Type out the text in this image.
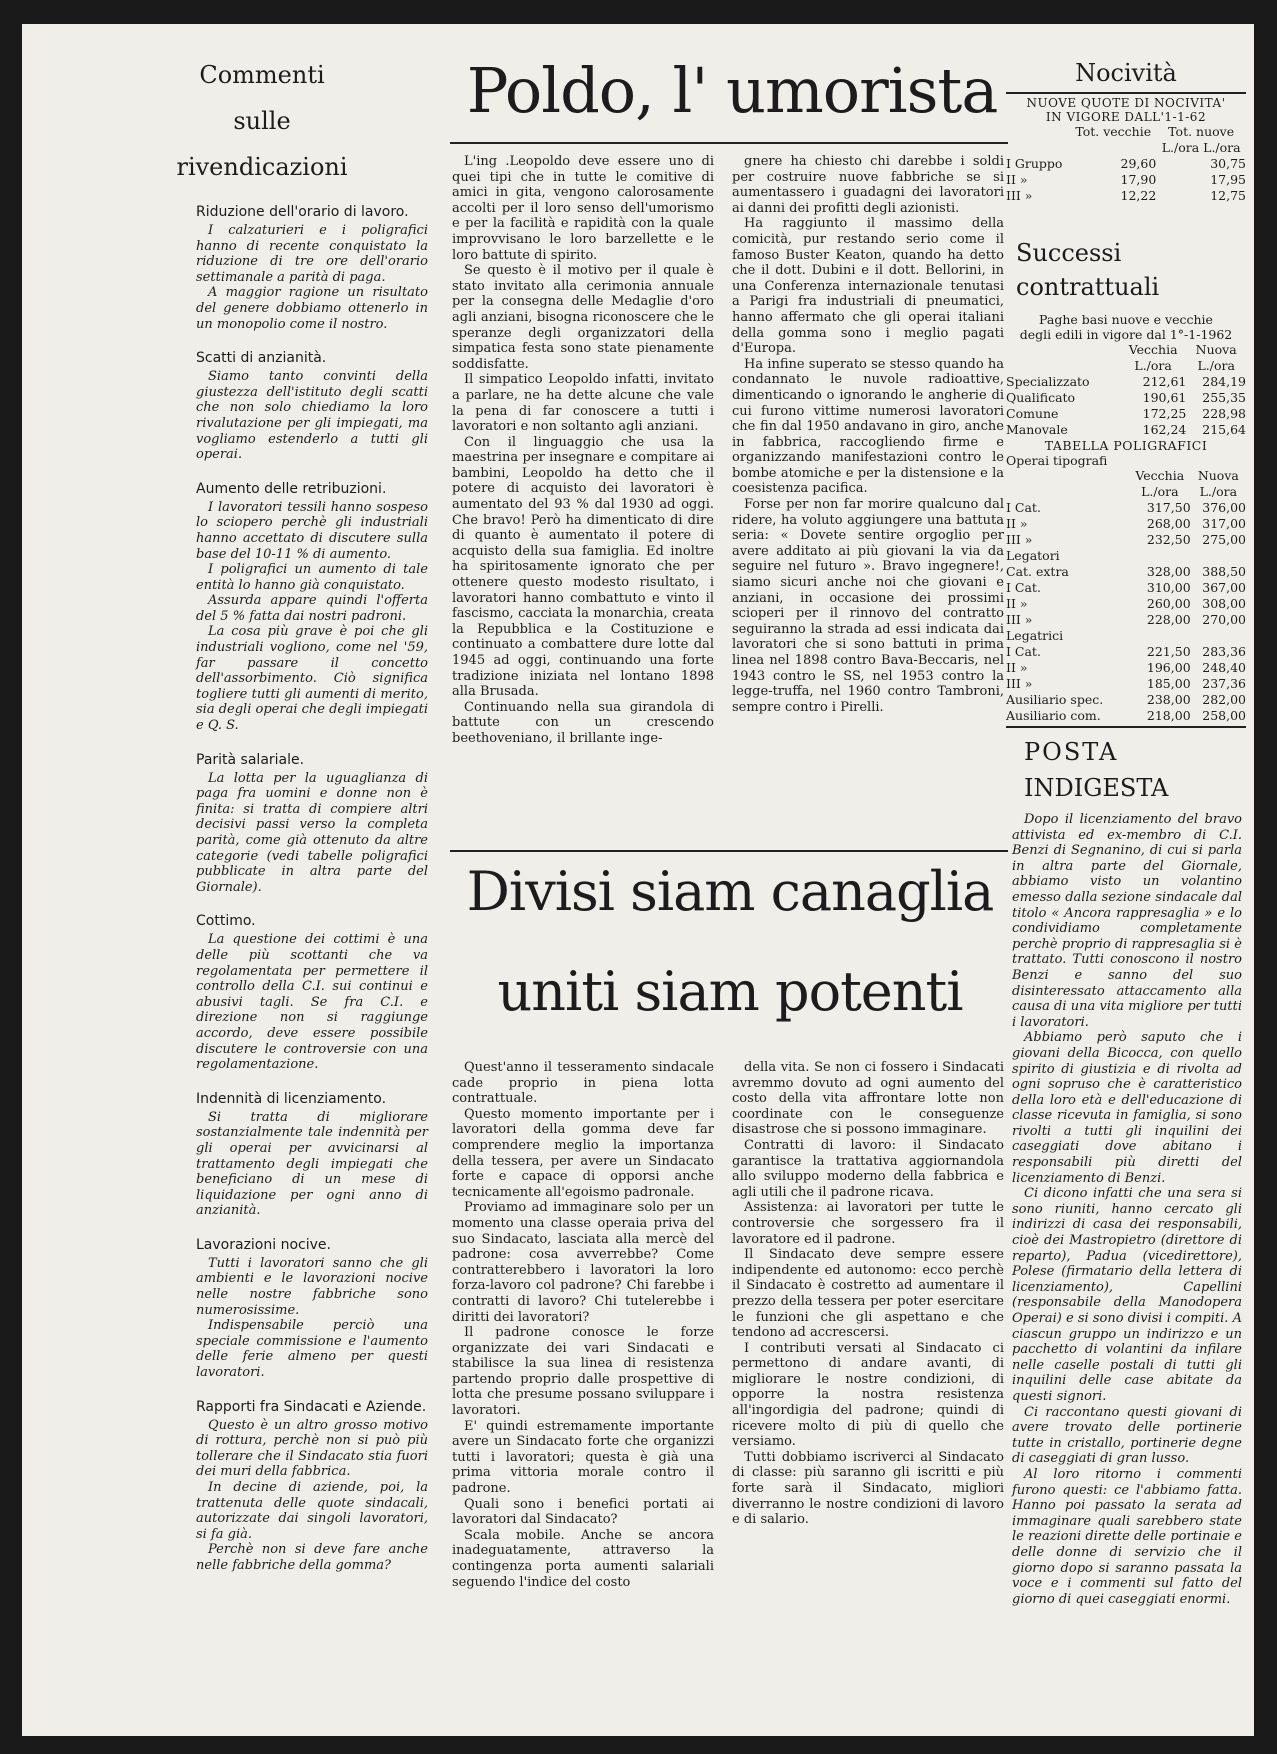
Commenti
sulle
rivendicazioni

Riduzione dell'orario di lavoro.

I calzaturieri e i poligrafici hanno di recente conquistato la riduzione di tre ore dell'orario settimanale a parità di paga.

A maggior ragione un risultato del genere dobbiamo ottenerlo in un monopolio come il nostro.

Scatti di anzianità.

Siamo tanto convinti della giustezza dell'istituto degli scatti che non solo chiediamo la loro rivalutazione per gli impiegati, ma vogliamo estenderlo a tutti gli operai.

Aumento delle retribuzioni.

I lavoratori tessili hanno sospeso lo sciopero perchè gli industriali hanno accettato di discutere sulla base del 10-11 % di aumento.

I poligrafici un aumento di tale entità lo hanno già conquistato.

Assurda appare quindi l'offerta del 5 % fatta dai nostri padroni.

La cosa più grave è poi che gli industriali vogliono, come nel '59, far passare il concetto dell'assorbimento. Ciò significa togliere tutti gli aumenti di merito, sia degli operai che degli impiegati e Q. S.

Parità salariale.

La lotta per la uguaglianza di paga fra uomini e donne non è finita: si tratta di compiere altri decisivi passi verso la completa parità, come già ottenuto da altre categorie (vedi tabelle poligrafici pubblicate in altra parte del Giornale).

Cottimo.

La questione dei cottimi è una delle più scottanti che va regolamentata per permettere il controllo della C.I. sui continui e abusivi tagli. Se fra C.I. e direzione non si raggiunge accordo, deve essere possibile discutere le controversie con una regolamentazione.

Indennità di licenziamento.

Si tratta di migliorare sostanzialmente tale indennità per gli operai per avvicinarsi al trattamento degli impiegati che beneficiano di un mese di liquidazione per ogni anno di anzianità.

Lavorazioni nocive.

Tutti i lavoratori sanno che gli ambienti e le lavorazioni nocive nelle nostre fabbriche sono numerosissime.

Indispensabile perciò una speciale commissione e l'aumento delle ferie almeno per questi lavoratori.

Rapporti fra Sindacati e Aziende.

Questo è un altro grosso motivo di rottura, perchè non si può più tollerare che il Sindacato stia fuori dei muri della fabbrica.

In decine di aziende, poi, la trattenuta delle quote sindacali, autorizzate dai singoli lavoratori, si fa già.

Perchè non si deve fare anche nelle fabbriche della gomma?

Poldo, l' umorista

L'ing .Leopoldo deve essere uno di quei tipi che in tutte le comitive di amici in gita, vengono calorosamente accolti per il loro senso dell'umorismo e per la facilità e rapidità con la quale improvvisano le loro barzellette e le loro battute di spirito.

Se questo è il motivo per il quale è stato invitato alla cerimonia annuale per la consegna delle Medaglie d'oro agli anziani, bisogna riconoscere che le speranze degli organizzatori della simpatica festa sono state pienamente soddisfatte.

Il simpatico Leopoldo infatti, invitato a parlare, ne ha dette alcune che vale la pena di far conoscere a tutti i lavoratori e non soltanto agli anziani.

Con il linguaggio che usa la maestrina per insegnare e compitare ai bambini, Leopoldo ha detto che il potere di acquisto dei lavoratori è aumentato del 93 % dal 1930 ad oggi. Che bravo! Però ha dimenticato di dire di quanto è aumentato il potere di acquisto della sua famiglia. Ed inoltre ha spiritosamente ignorato che per ottenere questo modesto risultato, i lavoratori hanno combattuto e vinto il fascismo, cacciata la monarchia, creata la Repubblica e la Costituzione e continuato a combattere dure lotte dal 1945 ad oggi, continuando una forte tradizione iniziata nel lontano 1898 alla Brusada.

Continuando nella sua girandola di battute con un crescendo beethoveniano, il brillante inge-

gnere ha chiesto chi darebbe i soldi per costruire nuove fabbriche se si aumentassero i guadagni dei lavoratori ai danni dei profitti degli azionisti.

Ha raggiunto il massimo della comicità, pur restando serio come il famoso Buster Keaton, quando ha detto che il dott. Dubini e il dott. Bellorini, in una Conferenza internazionale tenutasi a Parigi fra industriali di pneumatici, hanno affermato che gli operai italiani della gomma sono i meglio pagati d'Europa.

Ha infine superato se stesso quando ha condannato le nuvole radioattive, dimenticando o ignorando le angherie di cui furono vittime numerosi lavoratori che fin dal 1950 andavano in giro, anche in fabbrica, raccogliendo firme e organizzando manifestazioni contro le bombe atomiche e per la distensione e la coesistenza pacifica.

Forse per non far morire qualcuno dal ridere, ha voluto aggiungere una battuta seria: « Dovete sentire orgoglio per avere additato ai più giovani la via da seguire nel futuro ». Bravo ingegnere!, siamo sicuri anche noi che giovani e anziani, in occasione dei prossimi scioperi per il rinnovo del contratto seguiranno la strada ad essi indicata dai lavoratori che si sono battuti in prima linea nel 1898 contro Bava-Beccaris, nel 1943 contro le SS, nel 1953 contro la legge-truffa, nel 1960 contro Tambroni, sempre contro i Pirelli.

Divisi siam canaglia
uniti siam potenti

Quest'anno il tesseramento sindacale cade proprio in piena lotta contrattuale.

Questo momento importante per i lavoratori della gomma deve far comprendere meglio la importanza della tessera, per avere un Sindacato forte e capace di opporsi anche tecnicamente all'egoismo padronale.

Proviamo ad immaginare solo per un momento una classe operaia priva del suo Sindacato, lasciata alla mercè del padrone: cosa avverrebbe? Come contratterebbero i lavoratori la loro forza-lavoro col padrone? Chi farebbe i contratti di lavoro? Chi tutelerebbe i diritti dei lavoratori?

Il padrone conosce le forze organizzate dei vari Sindacati e stabilisce la sua linea di resistenza partendo proprio dalle prospettive di lotta che presume possano sviluppare i lavoratori.

E' quindi estremamente importante avere un Sindacato forte che organizzi tutti i lavoratori; questa è già una prima vittoria morale contro il padrone.

Quali sono i benefici portati ai lavoratori dal Sindacato?

Scala mobile. Anche se ancora inadeguatamente, attraverso la contingenza porta aumenti salariali seguendo l'indice del costo

della vita. Se non ci fossero i Sindacati avremmo dovuto ad ogni aumento del costo della vita affrontare lotte non coordinate con le conseguenze disastrose che si possono immaginare.

Contratti di lavoro: il Sindacato garantisce la trattativa aggiornandola allo sviluppo moderno della fabbrica e agli utili che il padrone ricava.

Assistenza: ai lavoratori per tutte le controversie che sorgessero fra il lavoratore ed il padrone.

Il Sindacato deve sempre essere indipendente ed autonomo: ecco perchè il Sindacato è costretto ad aumentare il prezzo della tessera per poter esercitare le funzioni che gli aspettano e che tendono ad accrescersi.

I contributi versati al Sindacato ci permettono di andare avanti, di migliorare le nostre condizioni, di opporre la nostra resistenza all'ingordigia del padrone; quindi di ricevere molto di più di quello che versiamo.

Tutti dobbiamo iscriverci al Sindacato di classe: più saranno gli iscritti e più forte sarà il Sindacato, migliori diverranno le nostre condizioni di lavoro e di salario.

Nocività
NUOVE QUOTE DI NOCIVITA'
IN VIGORE DALL'1-1-62
	Tot. vecchie	Tot. nuove
		L./ora L./ora
I Gruppo	29,60	30,75
II »	17,90	17,95
III »	12,22	12,75
Successi
contrattuali
Paghe basi nuove e vecchie
degli edili in vigore dal 1°-1-1962
	Vecchia	Nuova
	L./ora	L./ora
Specializzato	212,61	284,19
Qualificato	190,61	255,35
Comune	172,25	228,98
Manovale	162,24	215,64
TABELLA POLIGRAFICI
Operai tipografi
	Vecchia	Nuova
	L./ora	L./ora
I Cat.	317,50	376,00
II »	268,00	317,00
III »	232,50	275,00
Legatori		
Cat. extra	328,00	388,50
I Cat.	310,00	367,00
II »	260,00	308,00
III »	228,00	270,00
Legatrici		
I Cat.	221,50	283,36
II »	196,00	248,40
III »	185,00	237,36
Ausiliario spec.	238,00	282,00
Ausiliario com.	218,00	258,00
POSTA
INDIGESTA

Dopo il licenziamento del bravo attivista ed ex-membro di C.I. Benzi di Segnanino, di cui si parla in altra parte del Giornale, abbiamo visto un volantino emesso dalla sezione sindacale dal titolo « Ancora rappresaglia » e lo condividiamo completamente perchè proprio di rappresaglia si è trattato. Tutti conoscono il nostro Benzi e sanno del suo disinteressato attaccamento alla causa di una vita migliore per tutti i lavoratori.

Abbiamo però saputo che i giovani della Bicocca, con quello spirito di giustizia e di rivolta ad ogni sopruso che è caratteristico della loro età e dell'educazione di classe ricevuta in famiglia, si sono rivolti a tutti gli inquilini dei caseggiati dove abitano i responsabili più diretti del licenziamento di Benzi.

Ci dicono infatti che una sera si sono riuniti, hanno cercato gli indirizzi di casa dei responsabili, cioè dei Mastropietro (direttore di reparto), Padua (vicedirettore), Polese (firmatario della lettera di licenziamento), Capellini (responsabile della Manodopera Operai) e si sono divisi i compiti. A ciascun gruppo un indirizzo e un pacchetto di volantini da infilare nelle caselle postali di tutti gli inquilini delle case abitate da questi signori.

Ci raccontano questi giovani di avere trovato delle portinerie tutte in cristallo, portinerie degne di caseggiati di gran lusso.

Al loro ritorno i commenti furono questi: ce l'abbiamo fatta. Hanno poi passato la serata ad immaginare quali sarebbero state le reazioni dirette delle portinaie e delle donne di servizio che il giorno dopo si saranno passata la voce e i commenti sul fatto del giorno di quei caseggiati enormi.
